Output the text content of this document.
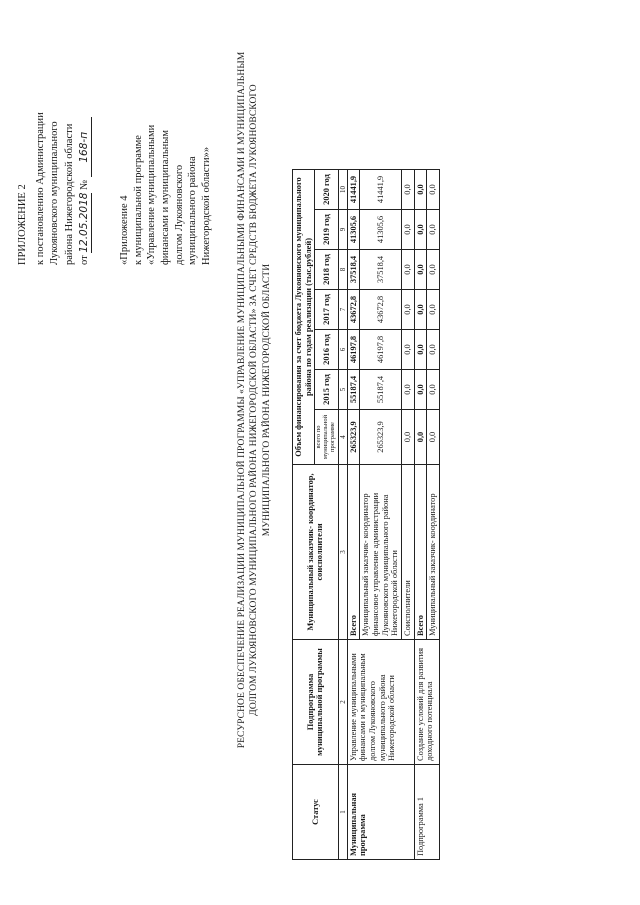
ПРИЛОЖЕНИЕ 2 к постановлению Администрации Лукояновского муниципального района Нижегородской области от 12.05.2018 № 168-п
«Приложение 4 к муниципальной программе «Управление муниципальными финансами и муниципальным долгом Лукояновского муниципального района Нижегородской области»»	РЕСУРСНОЕ ОБЕСПЕЧЕНИЕ РЕАЛИЗАЦИИ МУНИЦИПАЛЬНОЙ ПРОГРАММЫ «УПРАВЛЕНИЕ МУНИЦИПАЛЬНЫМИ ФИНАНСАМИ И МУНИЦИПАЛЬНЫМ ДОЛГОМ ЛУКОЯНОВСКОГО МУНИЦИПАЛЬНОГО РАЙОНА НИЖЕГОРОДСКОЙ ОБЛАСТИ» ЗА СЧЕТ СРЕДСТВ БЮДЖЕТА ЛУКОЯНОВСКОГО МУНИЦИПАЛЬНОГО РАЙОНА НИЖЕГОРОДСКОЙ ОБЛАСТИ
Статус	Подпрограмма муниципальной программы	Муниципальный заказчик- координатор, соисполнители	Объем финансирования за счет бюджета Лукояновского муниципального района по годам реализации (тыс.рублей)						
			всего по муниципальной программе	2015 год	2016 год	2017 год	2018 год	2019 год	2020 год
1	2	3	4	5	6	7	8	9	10
Муниципальная программа	Управление муниципальными финансами и муниципальным долгом Лукояновского муниципального района Нижегородской области	Всего	265323,9	55187,4	46197,8	43672,8	37518,4	41305,6	41441,9
		Муниципальный заказчик- координатор финансовое управление администрации Лукояновского муниципального района Нижегородской области	265323,9	55187,4	46197,8	43672,8	37518,4	41305,6	41441,9
		Соисполнители	0,0	0,0	0,0	0,0	0,0	0,0	0,0
Подпрограмма 1	Создание условий для развития доходного потенциала	Всего	0,0	0,0	0,0	0,0	0,0	0,0	0,0
		Муниципальный заказчик- координатор	0,0	0,0	0,0	0,0	0,0	0,0	0,0
